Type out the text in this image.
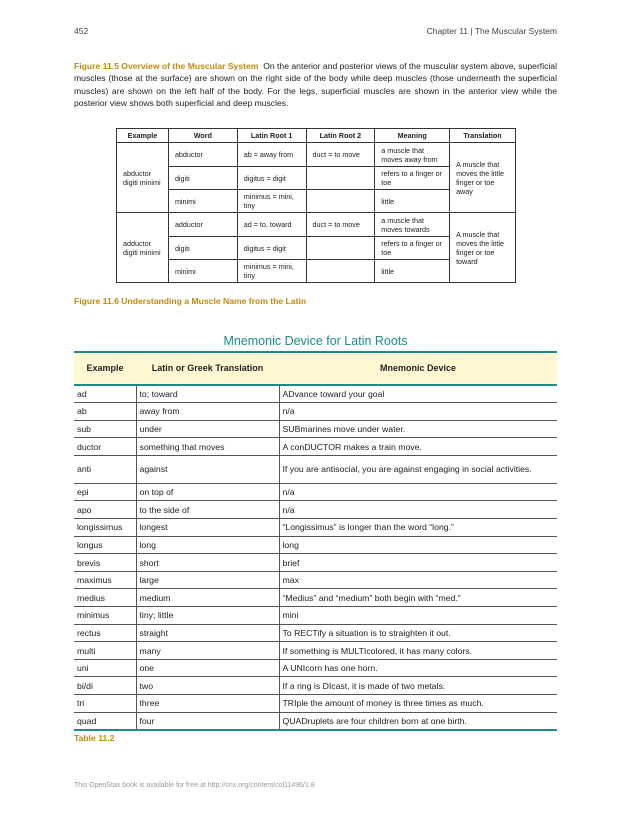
452	Chapter 11 | The Muscular System

Figure 11.5 Overview of the Muscular System On the anterior and posterior views of the muscular system above, superficial muscles (those at the surface) are shown on the right side of the body while deep muscles (those underneath the superficial muscles) are shown on the left half of the body. For the legs, superficial muscles are shown in the anterior view while the posterior view shows both superficial and deep muscles.

Example	Word	Latin Root 1	Latin Root 2	Meaning	Translation
abductor digiti minimi	abductor	ab = away from	duct = to move	a muscle that moves away from	A muscle that moves the little finger or toe away
	digiti	digitus = digit		refers to a finger or toe	
	minimi	minimus = mini, tiny		little	
adductor digiti minimi	adductor	ad = to, toward	duct = to move	a muscle that moves towards	A muscle that moves the little finger or toe toward
	digiti	digitus = digit		refers to a finger or toe	
	minimi	minimus = mini, tiny		little	
Figure 11.6 Understanding a Muscle Name from the Latin
Mnemonic Device for Latin Roots
Example	Latin or Greek Translation	Mnemonic Device
ad	to; toward	ADvance toward your goal
ab	away from	n/a
sub	under	SUBmarines move under water.
ductor	something that moves	A conDUCTOR makes a train move.
anti	against	If you are antisocial, you are against engaging in social activities.
epi	on top of	n/a
apo	to the side of	n/a
longissimus	longest	“Longissimus” is longer than the word “long.”
longus	long	long
brevis	short	brief
maximus	large	max
medius	medium	“Medius” and “medium” both begin with “med.”
minimus	tiny; little	mini
rectus	straight	To RECTify a situation is to straighten it out.
multi	many	If something is MULTIcolored, it has many colors.
uni	one	A UNIcorn has one horn.
bi/di	two	If a ring is DIcast, it is made of two metals.
tri	three	TRIple the amount of money is three times as much.
quad	four	QUADruplets are four children born at one birth.
Table 11.2
This OpenStax book is available for free at http://cnx.org/content/col11496/1.8
